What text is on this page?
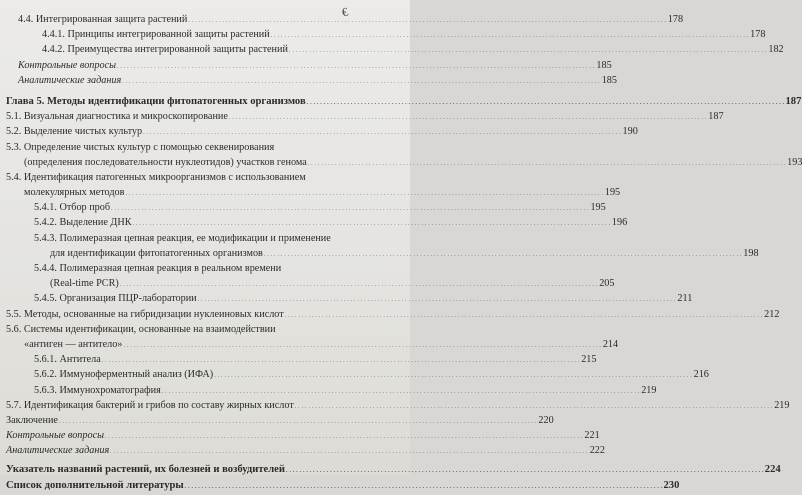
€
4.4. Интегрированная защита растений . . .	178
4.4.1. Принципы интегрированной защиты растений . . .	178
4.4.2. Преимущества интегрированной защиты растений . . .	182
Контрольные вопросы . . .	185
Аналитические задания . . .	185
Глава 5. Методы идентификации фитопатогенных организмов . . .	187
5.1. Визуальная диагностика и микроскопирование . . .	187
5.2. Выделение чистых культур . . .	190
5.3. Определение чистых культур с помощью секвенирования
(определения последовательности нуклеотидов) участков генома . . .	193
5.4. Идентификация патогенных микроорганизмов с использованием
молекулярных методов . . .	195
5.4.1. Отбор проб . . .	195
5.4.2. Выделение ДНК . . .	196
5.4.3. Полимеразная цепная реакция, ее модификации и применение
для идентификации фитопатогенных организмов . . .	198
5.4.4. Полимеразная цепная реакция в реальном времени
(Real-time PCR) . . .	205
5.4.5. Организация ПЦР-лаборатории . . .	211
5.5. Методы, основанные на гибридизации нуклеиновых кислот . . .	212
5.6. Системы идентификации, основанные на взаимодействии
«антиген — антитело» . . .	214
5.6.1. Антитела . . .	215
5.6.2. Иммуноферментный анализ (ИФА) . . .	216
5.6.3. Иммунохроматография . . .	219
5.7. Идентификация бактерий и грибов по составу жирных кислот . . .	219
Заключение . . .	220
Контрольные вопросы . . .	221
Аналитические задания . . .	222
Указатель названий растений, их болезней и возбудителей . . .	224
Список дополнительной литературы . . .	230
